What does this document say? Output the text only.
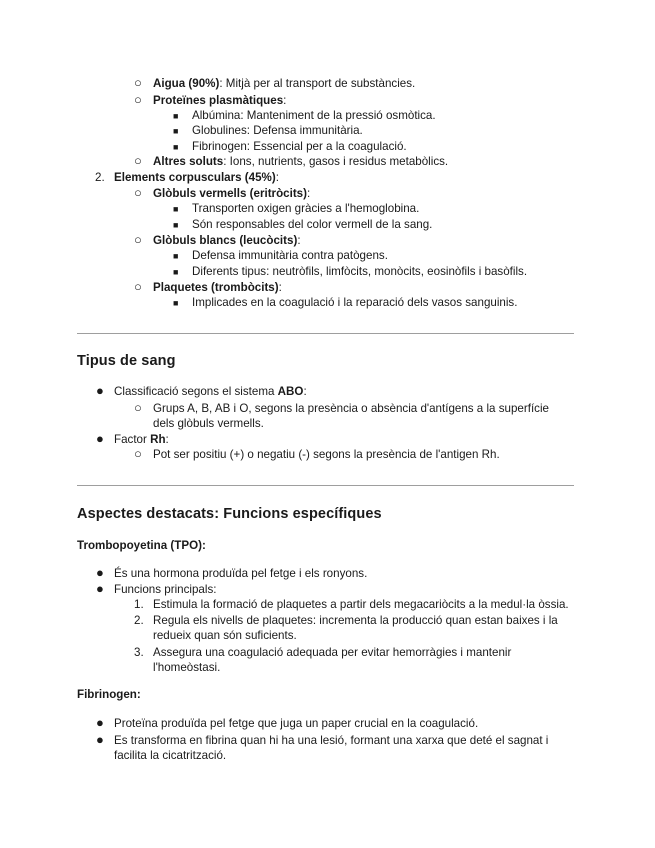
○ Aigua (90%): Mitjà per al transport de substàncies.
○ Proteïnes plasmàtiques:
■ Albúmina: Manteniment de la pressió osmòtica.
■ Globulines: Defensa immunitària.
■ Fibrinogen: Essencial per a la coagulació.
○ Altres soluts: Ions, nutrients, gasos i residus metabòlics.
2. Elements corpusculars (45%):
○ Glòbuls vermells (eritròcits):
■ Transporten oxigen gràcies a l'hemoglobina.
■ Són responsables del color vermell de la sang.
○ Glòbuls blancs (leucòcits):
■ Defensa immunitària contra patògens.
■ Diferents tipus: neutròfils, limfòcits, monòcits, eosinòfils i basòfils.
○ Plaquetes (trombòcits):
■ Implicades en la coagulació i la reparació dels vasos sanguinis.
Tipus de sang
● Classificació segons el sistema ABO:
○ Grups A, B, AB i O, segons la presència o absència d'antígens a la superfície
dels glòbuls vermells.
● Factor Rh:
○ Pot ser positiu (+) o negatiu (-) segons la presència de l'antigen Rh.
Aspectes destacats: Funcions específiques
Trombopoyetina (TPO):
● És una hormona produïda pel fetge i els ronyons.
● Funcions principals:
1. Estimula la formació de plaquetes a partir dels megacariòcits a la medul·la òssia.
2. Regula els nivells de plaquetes: incrementa la producció quan estan baixes i la
redueix quan són suficients.
3. Assegura una coagulació adequada per evitar hemorràgies i mantenir
l'homeòstasi.
Fibrinogen:
● Proteïna produïda pel fetge que juga un paper crucial en la coagulació.
● Es transforma en fibrina quan hi ha una lesió, formant una xarxa que deté el sagnat i
facilita la cicatrització.
